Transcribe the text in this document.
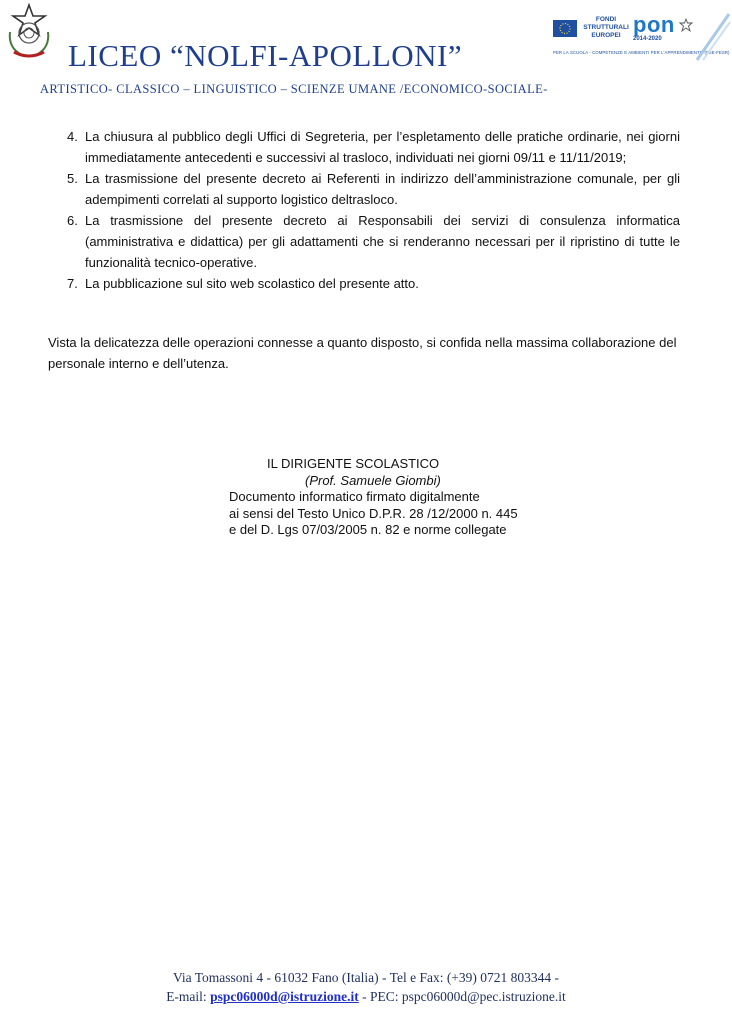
LICEO “NOLFI-APOLLONI”
ARTISTICO- CLASSICO – LINGUISTICO – SCIENZE UMANE /ECONOMICO-SOCIALE-
FONDI STRUTTURALI EUROPEI pon
2014-2020
PER LA SCUOLA - COMPETENZE E AMBIENTI PER L'APPRENDIMENTO (FSE-FESR)
4. La chiusura al pubblico degli Uffici di Segreteria, per l’espletamento delle pratiche ordinarie, nei giorni immediatamente antecedenti e successivi al trasloco, individuati nei giorni 09/11 e 11/11/2019;
5. La trasmissione del presente decreto ai Referenti in indirizzo dell’amministrazione comunale, per gli adempimenti correlati al supporto logistico deltrasloco.
6. La trasmissione del presente decreto ai Responsabili dei servizi di consulenza informatica (amministrativa e didattica) per gli adattamenti che si renderanno necessari per il ripristino di tutte le funzionalità tecnico-operative.
7. La pubblicazione sul sito web scolastico del presente atto.

Vista la delicatezza delle operazioni connesse a quanto disposto, si confida nella massima collaborazione del personale interno e dell’utenza.

IL DIRIGENTE SCOLASTICO
(Prof. Samuele Giombi)
Documento informatico firmato digitalmente
ai sensi del Testo Unico D.P.R. 28 /12/2000 n. 445
e del D. Lgs 07/03/2005 n. 82 e norme collegate
Via Tomassoni 4 - 61032 Fano (Italia) - Tel e Fax: (+39) 0721 803344 -
E-mail: pspc06000d@istruzione.it - PEC: pspc06000d@pec.istruzione.it
